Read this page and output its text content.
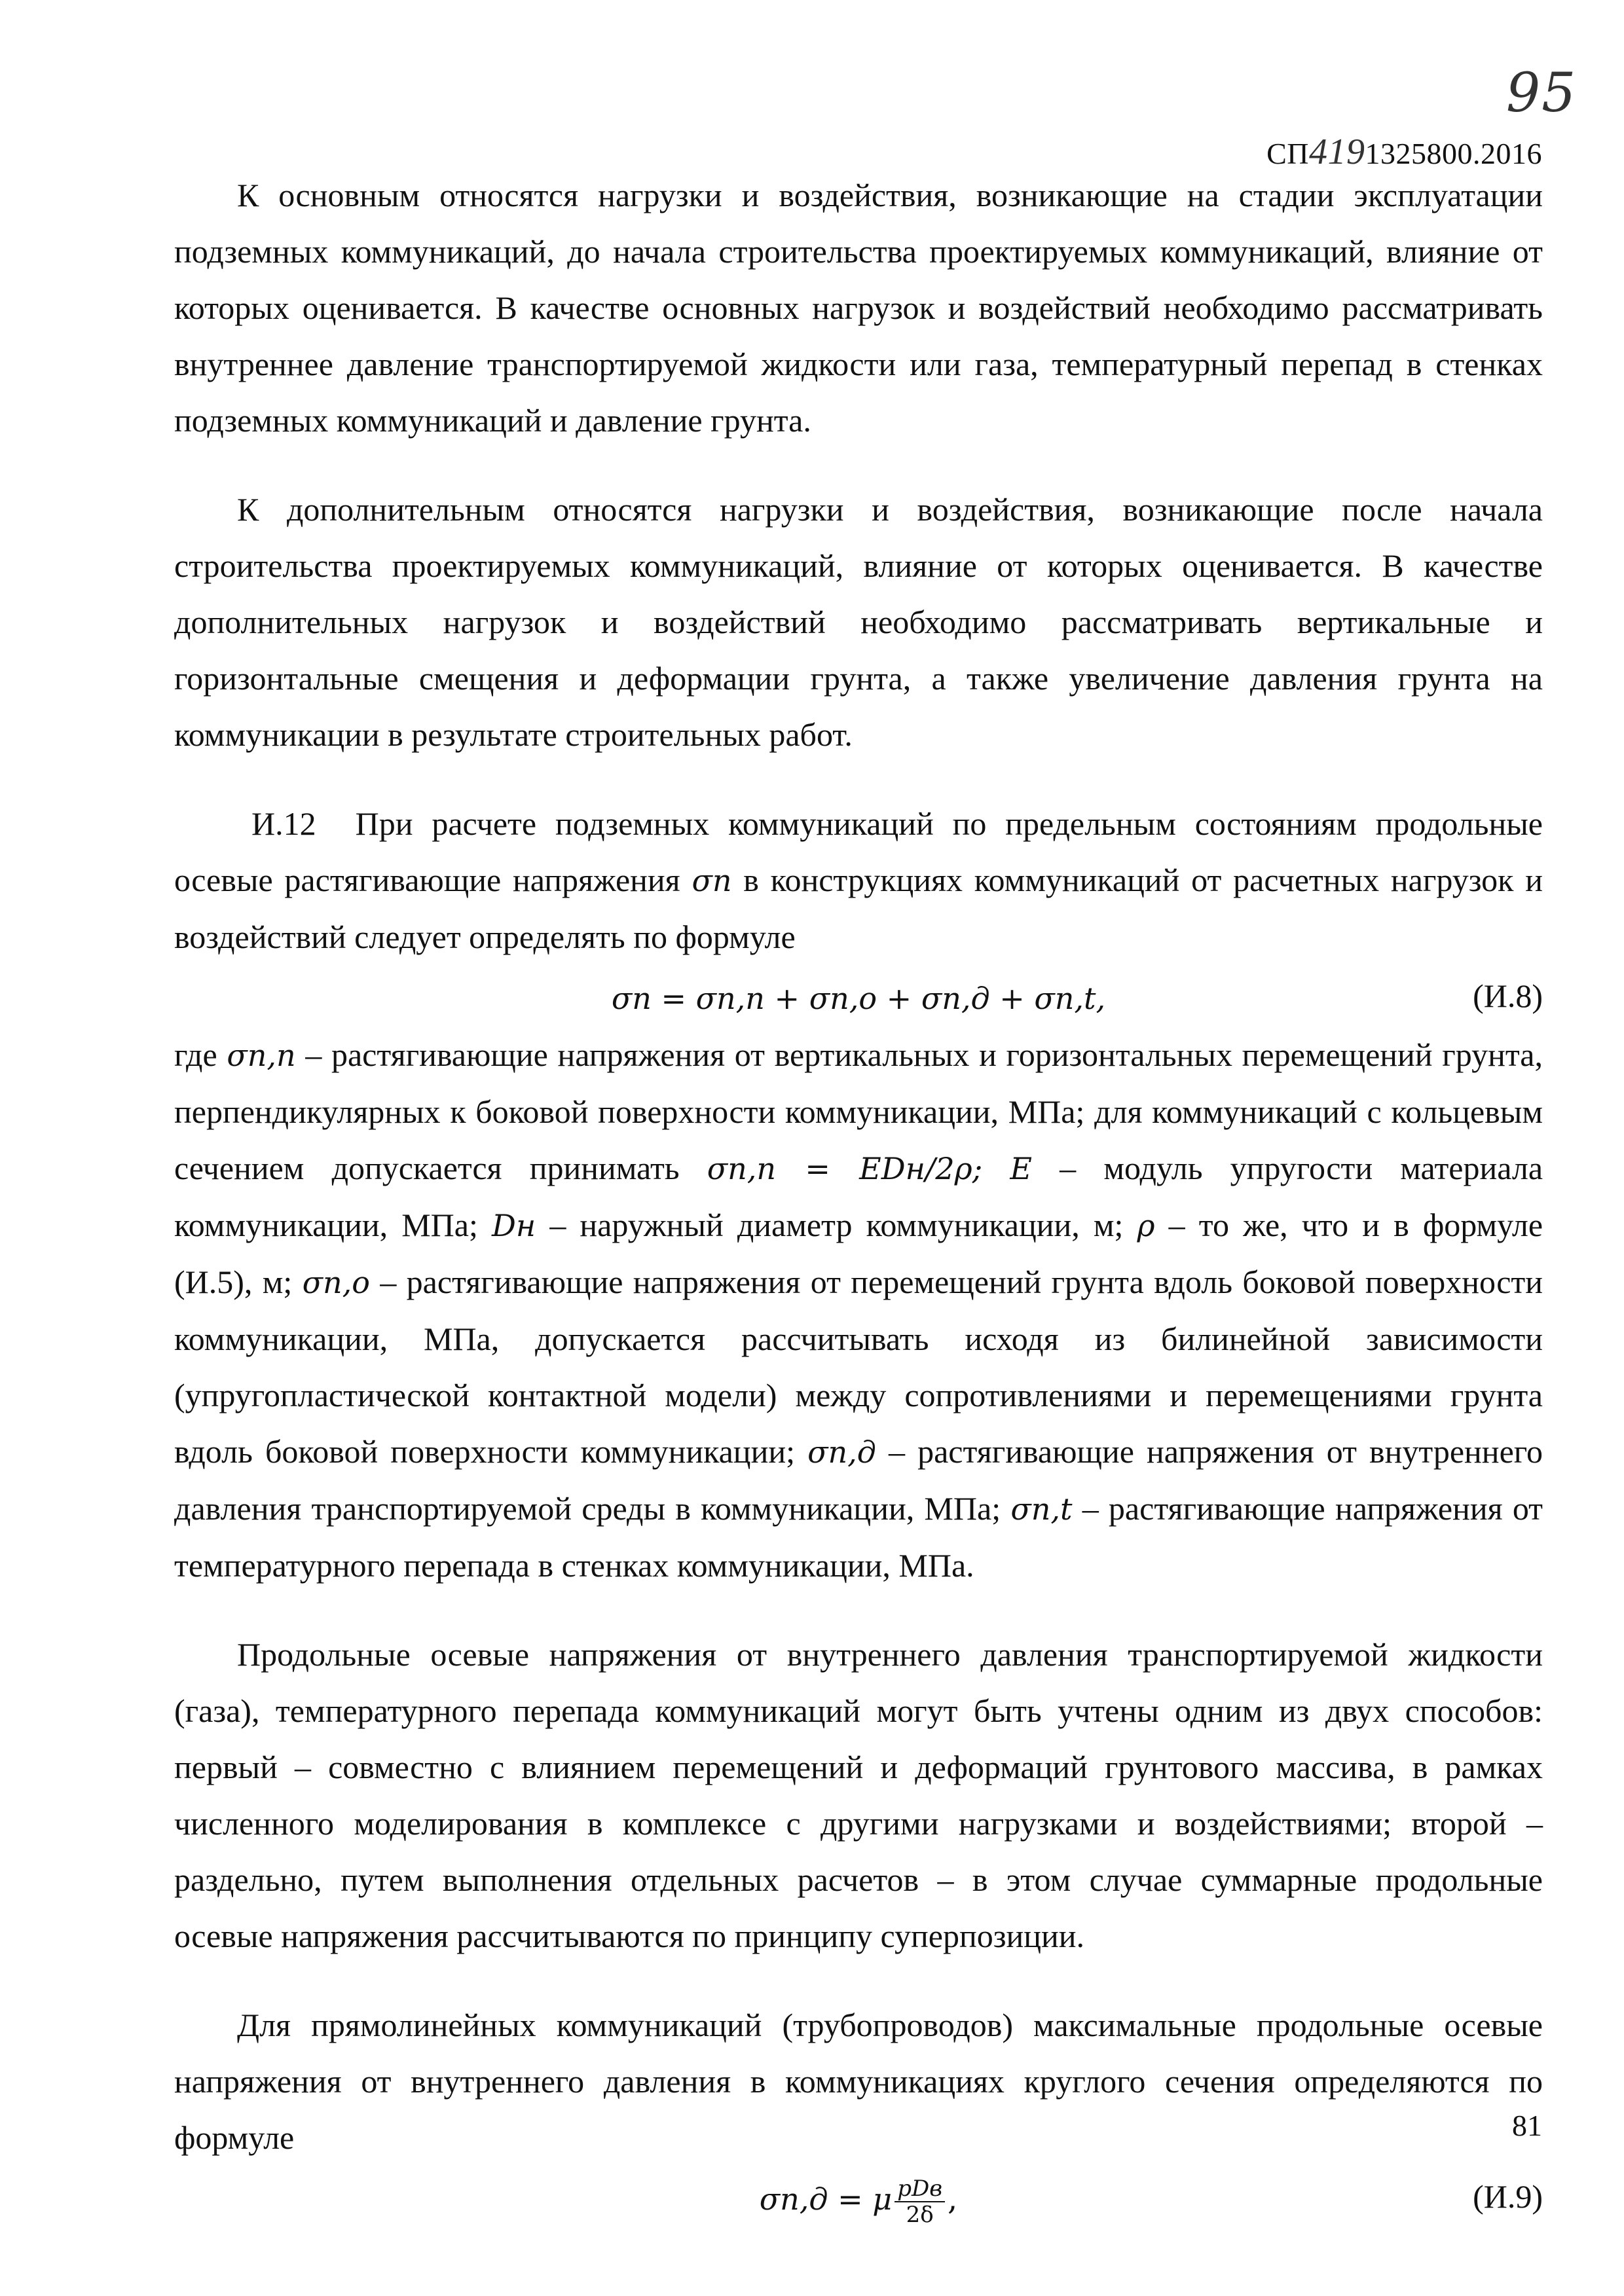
95
СП4191325800.2016

К основным относятся нагрузки и воздействия, возникающие на стадии эксплуатации подземных коммуникаций, до начала строительства проектируемых коммуникаций, влияние от которых оценивается. В качестве основных нагрузок и воздействий необходимо рассматривать внутреннее давление транспортируемой жидкости или газа, температурный перепад в стенках подземных коммуникаций и давление грунта.

К дополнительным относятся нагрузки и воздействия, возникающие после начала строительства проектируемых коммуникаций, влияние от которых оценивается. В качестве дополнительных нагрузок и воздействий необходимо рассматривать вертикальные и горизонтальные смещения и деформации грунта, а также увеличение давления грунта на коммуникации в результате строительных работ.

И.12 При расчете подземных коммуникаций по предельным состояниям продольные осевые растягивающие напряжения σп в конструкциях коммуникаций от расчетных нагрузок и воздействий следует определять по формуле

σп = σп,п + σп,о + σп,д + σп,t,	(И.8)

где σп,п – растягивающие напряжения от вертикальных и горизонтальных перемещений грунта, перпендикулярных к боковой поверхности коммуникации, МПа; для коммуникаций с кольцевым сечением допускается принимать σп,п = EDн/2ρ; E – модуль упругости материала коммуникации, МПа; Dн – наружный диаметр коммуникации, м; ρ – то же, что и в формуле (И.5), м; σп,о – растягивающие напряжения от перемещений грунта вдоль боковой поверхности коммуникации, МПа, допускается рассчитывать исходя из билинейной зависимости (упругопластической контактной модели) между сопротивлениями и перемещениями грунта вдоль боковой поверхности коммуникации; σп,д – растягивающие напряжения от внутреннего давления транспортируемой среды в коммуникации, МПа; σп,t – растягивающие напряжения от температурного перепада в стенках коммуникации, МПа.

Продольные осевые напряжения от внутреннего давления транспортируемой жидкости (газа), температурного перепада коммуникаций могут быть учтены одним из двух способов: первый – совместно с влиянием перемещений и деформаций грунтового массива, в рамках численного моделирования в комплексе с другими нагрузками и воздействиями; второй – раздельно, путем выполнения отдельных расчетов – в этом случае суммарные продольные осевые напряжения рассчитываются по принципу суперпозиции.

Для прямолинейных коммуникаций (трубопроводов) максимальные продольные осевые напряжения от внутреннего давления в коммуникациях круглого сечения определяются по формуле

σп,д = μ $\frac{\text{pDв}}{2\delta}$ ,	(И.9)
81
